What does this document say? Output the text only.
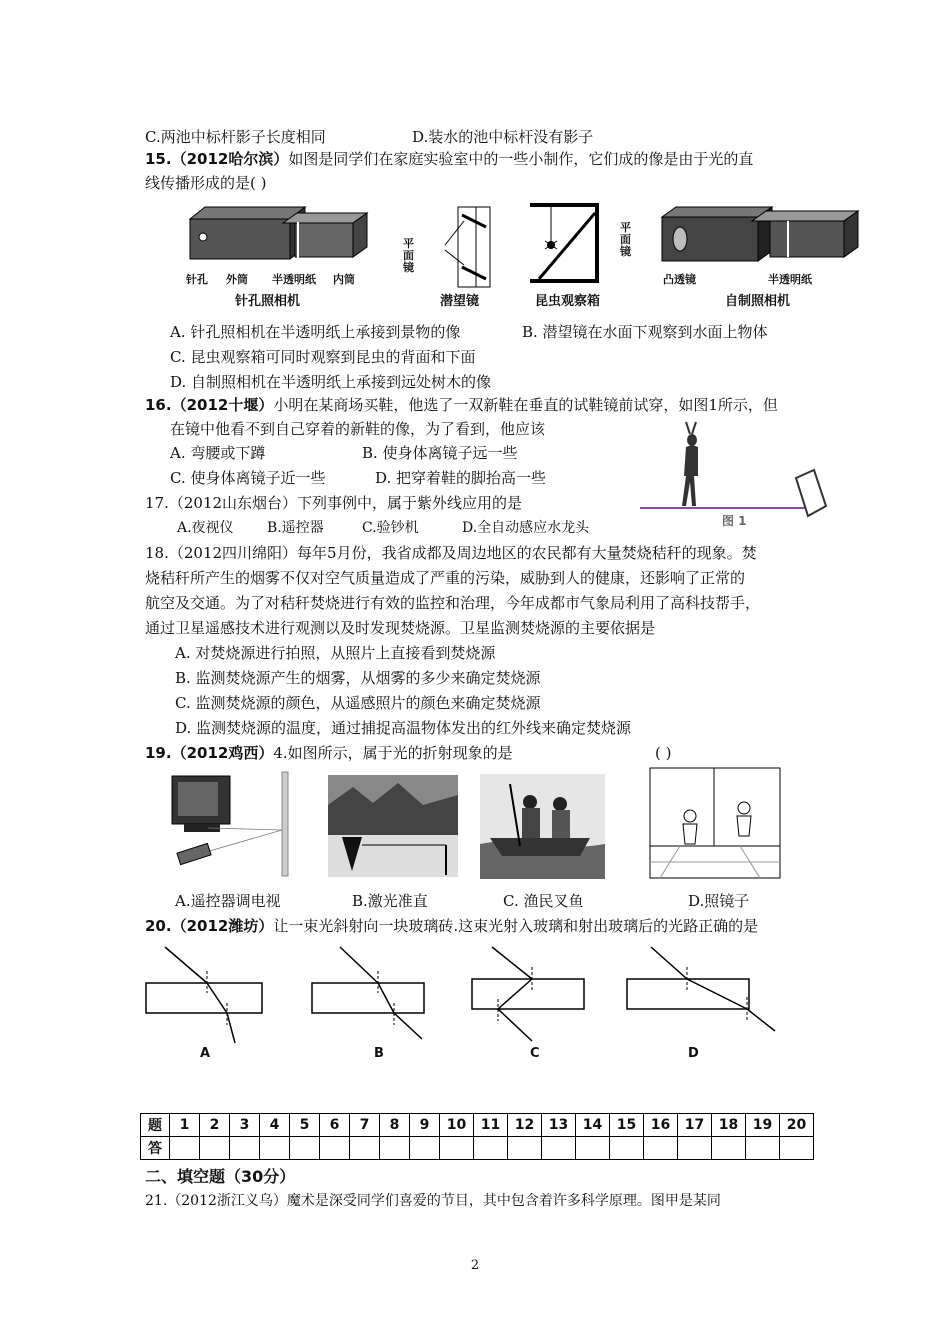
C.两池中标杆影子长度相同	D.装水的池中标杆没有影子
15.（2012哈尔滨）如图是同学们在家庭实验室中的一些小制作，它们成的像是由于光的直
线传播形成的是( )
针孔 外筒 半透明纸 内筒
针孔照相机
平面镜
潜望镜
平面镜
昆虫观察箱
凸透镜	半透明纸
自制照相机
A. 针孔照相机在半透明纸上承接到景物的像	B. 潜望镜在水面下观察到水面上物体
C. 昆虫观察箱可同时观察到昆虫的背面和下面
D. 自制照相机在半透明纸上承接到远处树木的像
16.（2012十堰）小明在某商场买鞋，他选了一双新鞋在垂直的试鞋镜前试穿，如图1所示，但
在镜中他看不到自己穿着的新鞋的像，为了看到，他应该
A. 弯腰或下蹲	B. 使身体离镜子远一些
C. 使身体离镜子近一些	D. 把穿着鞋的脚抬高一些
图 1
17.（2012山东烟台）下列事例中，属于紫外线应用的是
A.夜视仪 B.遥控器	C.验钞机	D.全自动感应水龙头
18.（2012四川绵阳）每年5月份，我省成都及周边地区的农民都有大量焚烧秸秆的现象。焚
烧秸秆所产生的烟雾不仅对空气质量造成了严重的污染，威胁到人的健康，还影响了正常的
航空及交通。为了对秸秆焚烧进行有效的监控和治理，今年成都市气象局利用了高科技帮手，
通过卫星遥感技术进行观测以及时发现焚烧源。卫星监测焚烧源的主要依据是
A. 对焚烧源进行拍照，从照片上直接看到焚烧源
B. 监测焚烧源产生的烟雾，从烟雾的多少来确定焚烧源
C. 监测焚烧源的颜色，从遥感照片的颜色来确定焚烧源
D. 监测焚烧源的温度，通过捕捉高温物体发出的红外线来确定焚烧源
19.（2012鸡西）4.如图所示，属于光的折射现象的是	( )
A.遥控器调电视	B.激光准直	C. 渔民叉鱼	D.照镜子
20.（2012潍坊）让一束光斜射向一块玻璃砖.这束光射入玻璃和射出玻璃后的光路正确的是
A	B	C	D
题	1	2	3	4	5	6	7	8	9	10	11	12	13	14	15	16	17	18	19	20
答																				
二、填空题（30分）
21.（2012浙江义乌）魔术是深受同学们喜爱的节目，其中包含着许多科学原理。图甲是某同
2
